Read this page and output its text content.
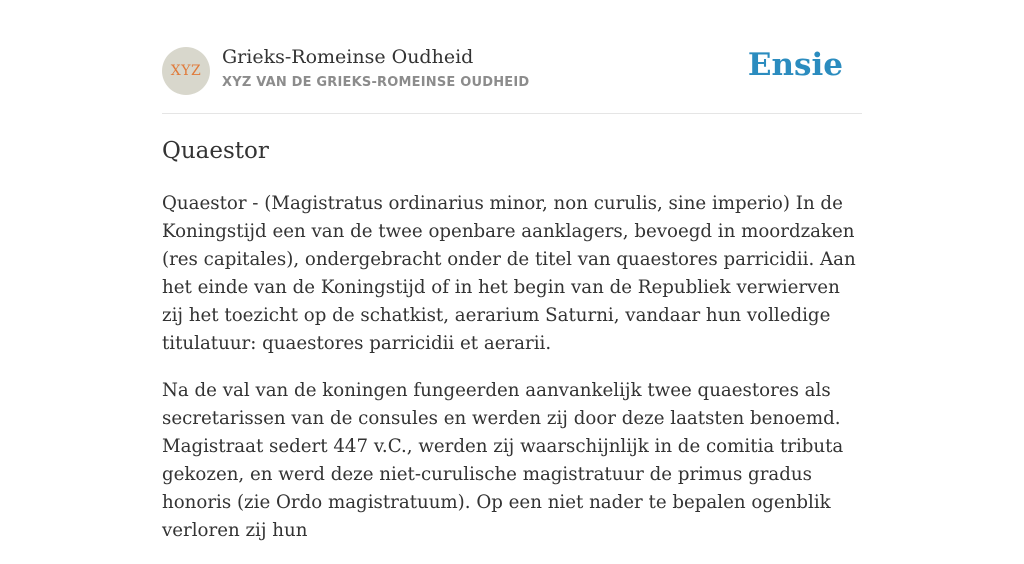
XYZ
Grieks-Romeinse Oudheid
XYZ VAN DE GRIEKS-ROMEINSE OUDHEID	Ensie
Quaestor

Quaestor - (Magistratus ordinarius minor, non curulis, sine imperio) In de Koningstijd een van de twee openbare aanklagers, bevoegd in moordzaken (res capitales), ondergebracht onder de titel van quaestores parricidii. Aan het einde van de Koningstijd of in het begin van de Republiek verwierven zij het toezicht op de schatkist, aerarium Saturni, vandaar hun volledige titulatuur: quaestores parricidii et aerarii.

Na de val van de koningen fungeerden aanvankelijk twee quaestores als secretarissen van de consules en werden zij door deze laatsten benoemd. Magistraat sedert 447 v.C., werden zij waarschijnlijk in de comitia tributa gekozen, en werd deze niet-curulische magistratuur de primus gradus honoris (zie Ordo magistratuum). Op een niet nader te bepalen ogenblik verloren zij hun
